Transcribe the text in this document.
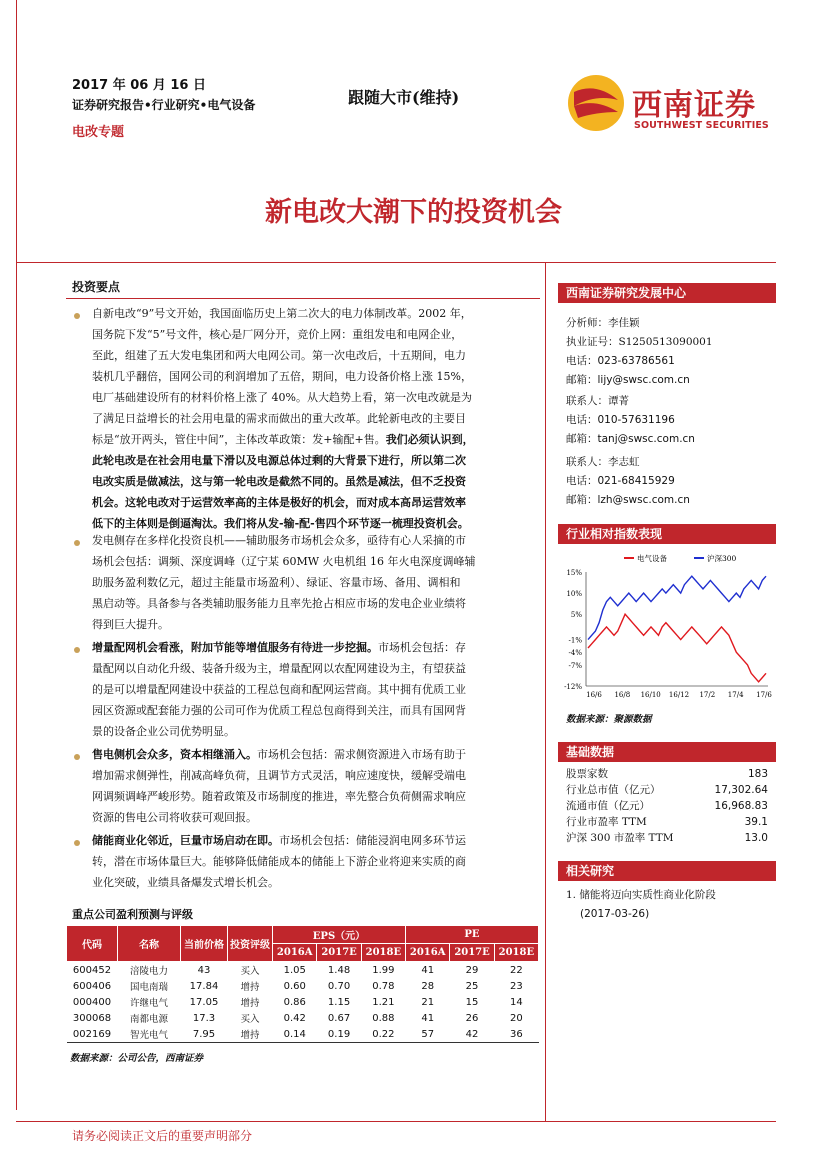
2017 年 06 月 16 日
证券研究报告•行业研究•电气设备
电改专题
跟随大市(维持)	西南证券
SOUTHWEST SECURITIES
新电改大潮下的投资机会
投资要点
自新电改“9”号文开始，我国面临历史上第二次大的电力体制改革。2002 年，
国务院下发“5”号文件，核心是厂网分开，竞价上网：重组发电和电网企业，
至此，组建了五大发电集团和两大电网公司。第一次电改后，十五期间，电力
装机几乎翻倍，国网公司的利润增加了五倍，期间，电力设备价格上涨 15%，
电厂基础建设所有的材料价格上涨了 40%。从大趋势上看，第一次电改就是为
了满足日益增长的社会用电量的需求而做出的重大改革。此轮新电改的主要目
标是“放开两头，管住中间”，主体改革政策：发+输配+售。我们必须认识到，
此轮电改是在社会用电量下滑以及电源总体过剩的大背景下进行，所以第二次
电改实质是做减法，这与第一轮电改是截然不同的。虽然是减法，但不乏投资
机会。这轮电改对于运营效率高的主体是极好的机会，而对成本高昂运营效率
低下的主体则是倒逼淘汰。我们将从发-输-配-售四个环节逐一梳理投资机会。
发电侧存在多样化投资良机——辅助服务市场机会众多，亟待有心人采摘的市
场机会包括：调频、深度调峰（辽宁某 60MW 火电机组 16 年火电深度调峰辅
助服务盈利数亿元，超过主能量市场盈利）、绿证、容量市场、备用、调相和
黑启动等。具备参与各类辅助服务能力且率先抢占相应市场的发电企业业绩将
得到巨大提升。
增量配网机会看涨，附加节能等增值服务有待进一步挖掘。市场机会包括：存
量配网以自动化升级、装备升级为主，增量配网以农配网建设为主，有望获益
的是可以增量配网建设中获益的工程总包商和配网运营商。其中拥有优质工业
园区资源或配套能力强的公司可作为优质工程总包商得到关注，而具有国网背
景的设备企业公司优势明显。
售电侧机会众多，资本相继涌入。市场机会包括：需求侧资源进入市场有助于
增加需求侧弹性，削减高峰负荷，且调节方式灵活，响应速度快，缓解受端电
网调频调峰严峻形势。随着政策及市场制度的推进，率先整合负荷侧需求响应
资源的售电公司将收获可观回报。
储能商业化邻近，巨量市场启动在即。市场机会包括：储能浸润电网多环节运
转，潜在市场体量巨大。能够降低储能成本的储能上下游企业将迎来实质的商
业化突破，业绩具备爆发式增长机会。
重点公司盈利预测与评级
代码	名称	当前价格	投资评级	EPS（元）			PE		
				2016A	2017E	2018E	2016A	2017E	2018E
600452	涪陵电力	43	买入	1.05	1.48	1.99	41	29	22
600406	国电南瑞	17.84	增持	0.60	0.70	0.78	28	25	23
000400	许继电气	17.05	增持	0.86	1.15	1.21	21	15	14
300068	南都电源	17.3	买入	0.42	0.67	0.88	41	26	20
002169	智光电气	7.95	增持	0.14	0.19	0.22	57	42	36
数据来源：公司公告，西南证券
西南证券研究发展中心
分析师：李佳颖
执业证号：S1250513090001
电话：023-63786561
邮箱：lijy@swsc.com.cn
联系人：谭菁
电话：010-57631196
邮箱：tanj@swsc.com.cn
联系人：李志虹
电话：021-68415929
邮箱：lzh@swsc.com.cn
行业相对指数表现
15%
10%
5%
-1%
-4%
-7%
-12%
16/6 16/8 16/10 16/12 17/2 17/4 17/6
电气设备	沪深300
数据来源：聚源数据
基础数据
股票家数	183
行业总市值（亿元）	17,302.64
流通市值（亿元）	16,968.83
行业市盈率 TTM	39.1
沪深 300 市盈率 TTM	13.0
相关研究
1. 储能将迈向实质性商业化阶段
(2017-03-26)
请务必阅读正文后的重要声明部分
